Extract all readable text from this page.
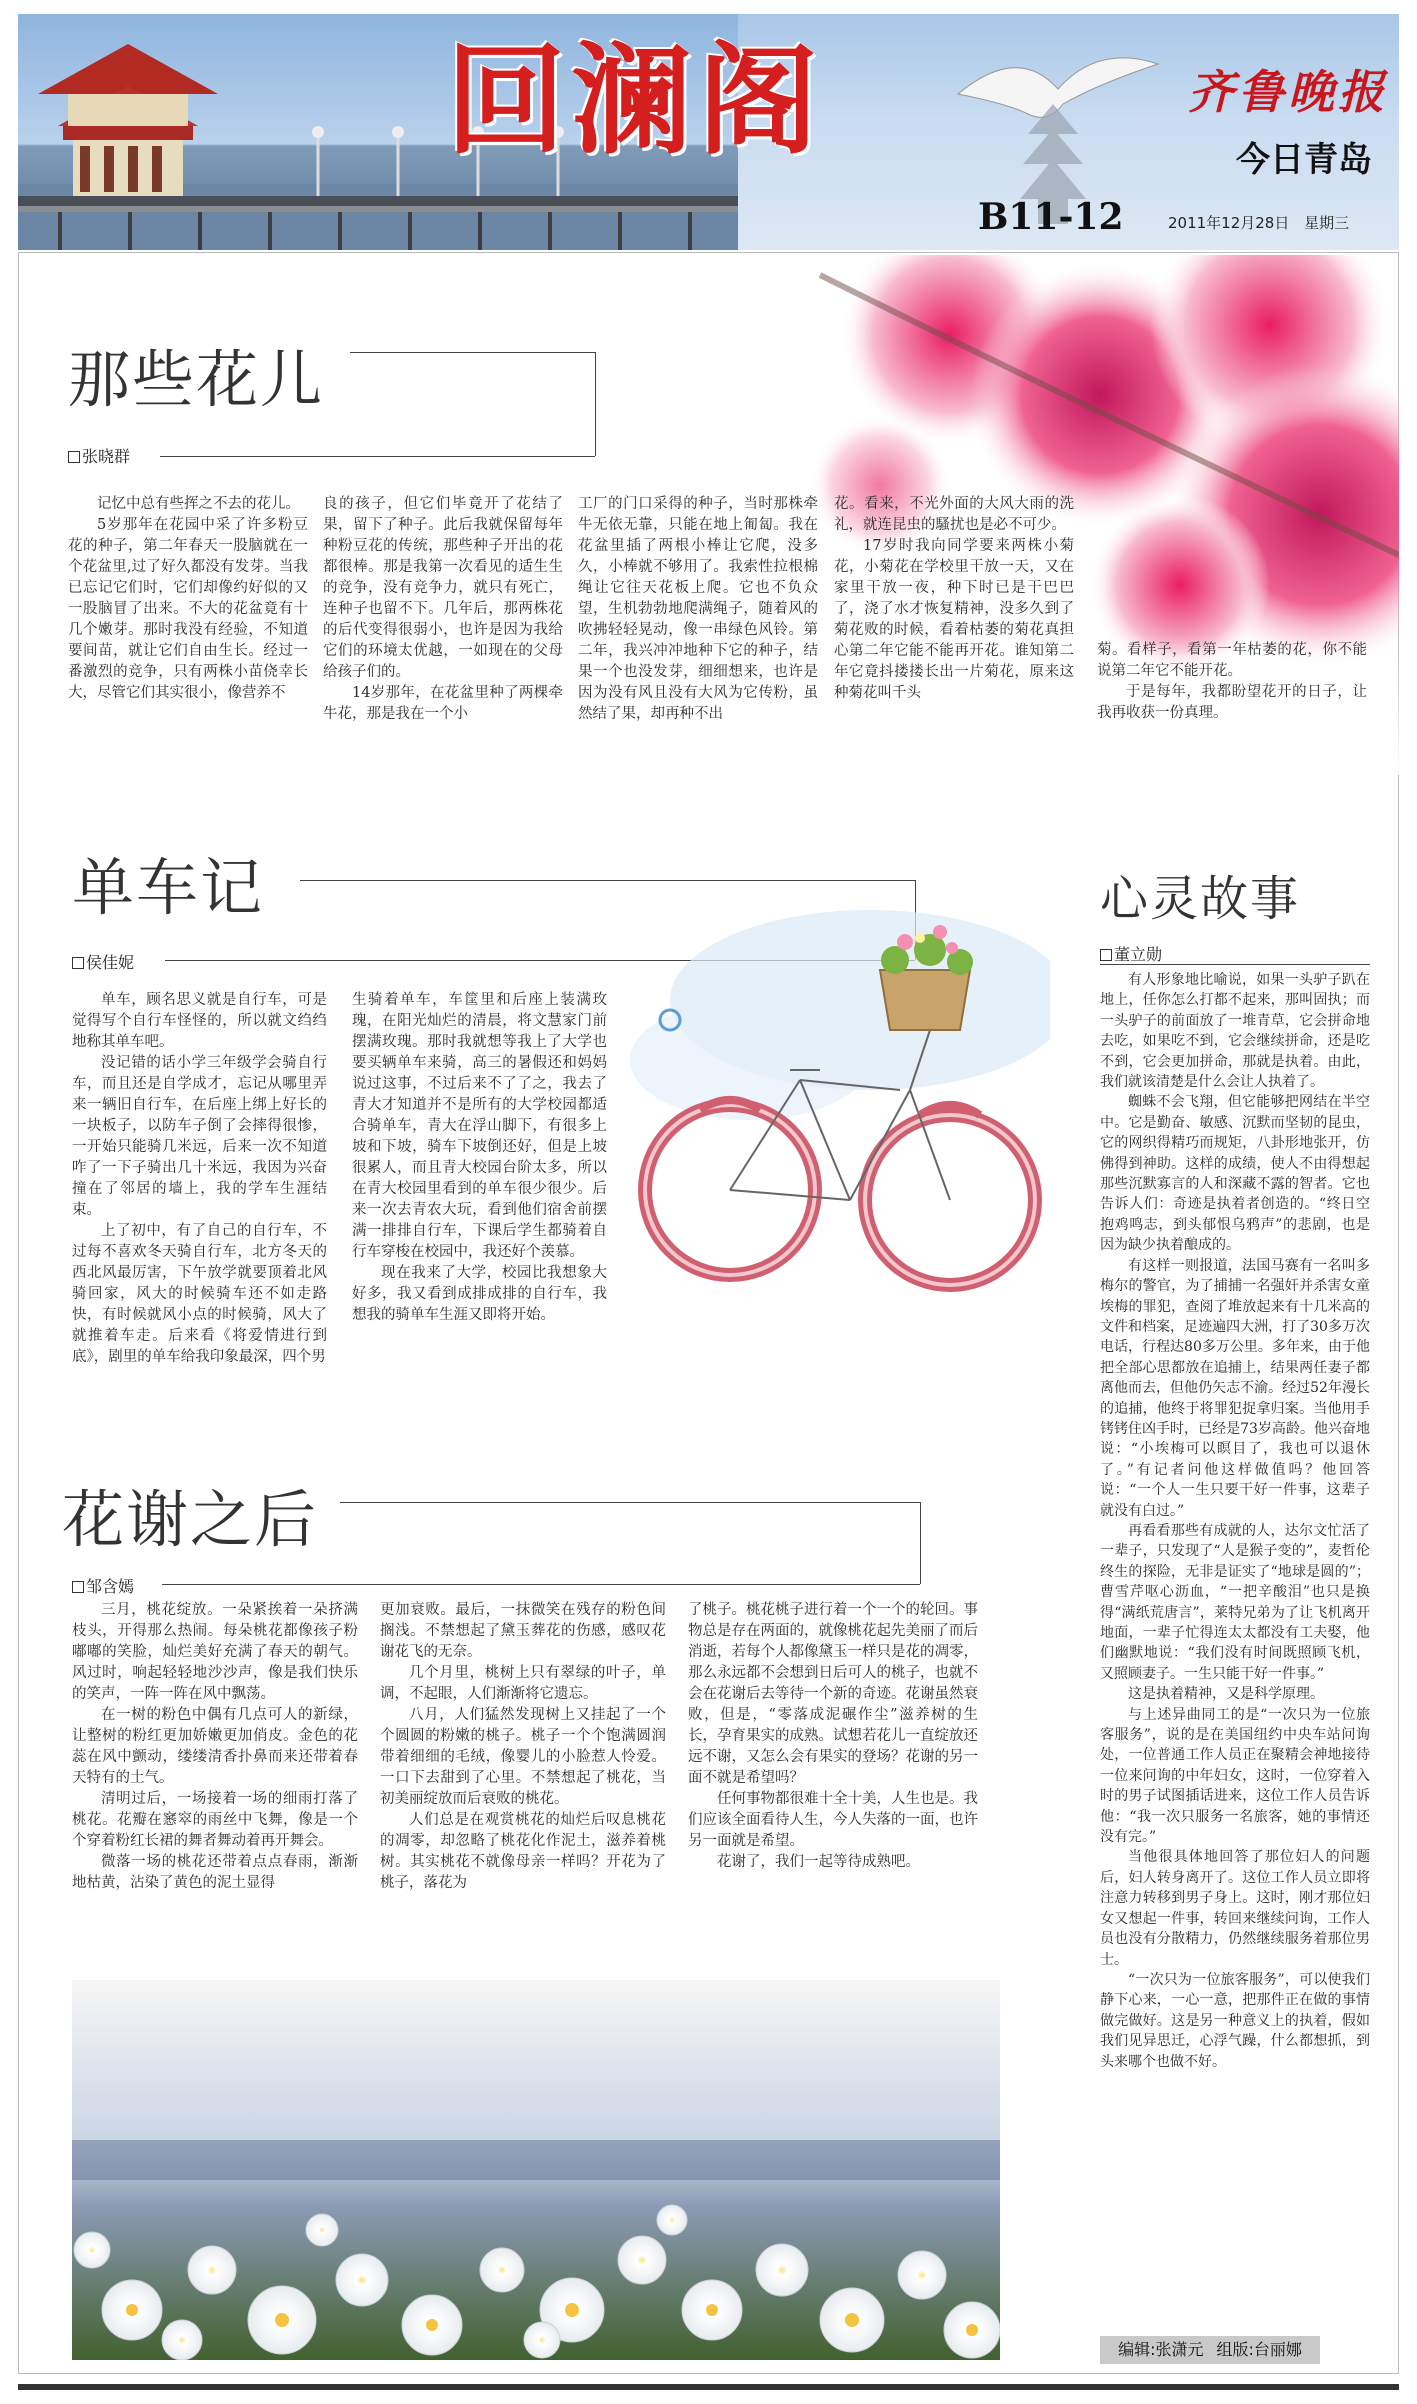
回澜阁	齐鲁晚报
今日青岛
B11-12	2011年12月28日 星期三
那些花儿
张晓群

记忆中总有些挥之不去的花儿。

5岁那年在花园中采了许多粉豆花的种子，第二年春天一股脑就在一个花盆里,过了好久都没有发芽。当我已忘记它们时，它们却像约好似的又一股脑冒了出来。不大的花盆竟有十几个嫩芽。那时我没有经验，不知道要间苗，就让它们自由生长。经过一番激烈的竞争，只有两株小苗侥幸长大，尽管它们其实很小，像营养不

良的孩子，但它们毕竟开了花结了果，留下了种子。此后我就保留每年种粉豆花的传统，那些种子开出的花都很棒。那是我第一次看见的适生生的竞争，没有竞争力，就只有死亡，连种子也留不下。几年后，那两株花的后代变得很弱小，也许是因为我给它们的环境太优越，一如现在的父母给孩子们的。

14岁那年，在花盆里种了两棵牵牛花，那是我在一个小

工厂的门口采得的种子，当时那株牵牛无依无靠，只能在地上匍匐。我在花盆里插了两根小棒让它爬，没多久，小棒就不够用了。我索性拉根棉绳让它往天花板上爬。它也不负众望，生机勃勃地爬满绳子，随着风的吹拂轻轻晃动，像一串绿色风铃。第二年，我兴冲冲地种下它的种子，结果一个也没发芽，细细想来，也许是因为没有风且没有大风为它传粉，虽然结了果，却再种不出

花。看来，不光外面的大风大雨的洗礼，就连昆虫的騷扰也是必不可少。

17岁时我向同学要来两株小菊花，小菊花在学校里干放一天，又在家里干放一夜，种下时已是干巴巴了，浇了水才恢复精神，没多久到了菊花败的时候，看着枯萎的菊花真担心第二年它能不能再开花。谁知第二年它竟抖搂搂长出一片菊花，原来这种菊花叫千头

菊。看样子，看第一年枯萎的花，你不能说第二年它不能开花。

于是每年，我都盼望花开的日子，让我再收获一份真理。

单车记
侯佳妮

单车，顾名思义就是自行车，可是觉得写个自行车怪怪的，所以就文绉绉地称其单车吧。

没记错的话小学三年级学会骑自行车，而且还是自学成才，忘记从哪里弄来一辆旧自行车，在后座上绑上好长的一块板子，以防车子倒了会摔得很惨，一开始只能骑几米远，后来一次不知道咋了一下子骑出几十米远，我因为兴奋撞在了邻居的墙上，我的学车生涯结束。

上了初中，有了自己的自行车，不过每不喜欢冬天骑自行车，北方冬天的西北风最厉害，下午放学就要顶着北风骑回家，风大的时候骑车还不如走路快，有时候就风小点的时候骑，风大了就推着车走。后来看《将爱情进行到底》，剧里的单车给我印象最深，四个男

生骑着单车，车筐里和后座上装满玫瑰，在阳光灿烂的清晨，将文慧家门前摆满玫瑰。那时我就想等我上了大学也要买辆单车来骑，高三的暑假还和妈妈说过这事，不过后来不了了之，我去了青大才知道并不是所有的大学校园都适合骑单车，青大在浮山脚下，有很多上坡和下坡，骑车下坡倒还好，但是上坡很累人，而且青大校园台阶太多，所以在青大校园里看到的单车很少很少。后来一次去青农大玩，看到他们宿舍前摆满一排排自行车，下课后学生都骑着自行车穿梭在校园中，我还好个羡慕。

现在我来了大学，校园比我想象大好多，我又看到成排成排的自行车，我想我的骑单车生涯又即将开始。

花谢之后
邹含嫣

三月，桃花绽放。一朵紧挨着一朵挤满枝头，开得那么热闹。每朵桃花都像孩子粉嘟嘟的笑脸，灿烂美好充满了春天的朝气。风过时，响起轻轻地沙沙声，像是我们快乐的笑声，一阵一阵在风中飘荡。

在一树的粉色中偶有几点可人的新绿，让整树的粉红更加娇嫩更加俏皮。金色的花蕊在风中颤动，缕缕清香扑鼻而来还带着春天特有的土气。

清明过后，一场接着一场的细雨打落了桃花。花瓣在窸窣的雨丝中飞舞，像是一个个穿着粉红长裙的舞者舞动着再开舞会。

微落一场的桃花还带着点点春雨，渐渐地枯黄，沾染了黄色的泥土显得

更加衰败。最后，一抹微笑在残存的粉色间搁浅。不禁想起了黛玉葬花的伤感，感叹花谢花飞的无奈。

几个月里，桃树上只有翠绿的叶子，单调，不起眼，人们渐渐将它遗忘。

八月，人们猛然发现树上又挂起了一个个圆圆的粉嫩的桃子。桃子一个个饱满圆润带着细细的毛绒，像婴儿的小脸惹人怜爱。一口下去甜到了心里。不禁想起了桃花，当初美丽绽放而后衰败的桃花。

人们总是在观赏桃花的灿烂后叹息桃花的凋零，却忽略了桃花化作泥土，滋养着桃树。其实桃花不就像母亲一样吗？开花为了桃子，落花为

了桃子。桃花桃子进行着一个一个的轮回。事物总是存在两面的，就像桃花起先美丽了而后消逝，若每个人都像黛玉一样只是花的凋零，那么永远都不会想到日后可人的桃子，也就不会在花谢后去等待一个新的奇迹。花谢虽然衰败，但是，“零落成泥碾作尘”滋养树的生长，孕育果实的成熟。试想若花儿一直绽放还远不谢，又怎么会有果实的登场？花谢的另一面不就是希望吗？

任何事物都很难十全十美，人生也是。我们应该全面看待人生，今人失落的一面，也许另一面就是希望。

花谢了，我们一起等待成熟吧。

心灵故事
董立勋

有人形象地比喻说，如果一头驴子趴在地上，任你怎么打都不起来，那叫固执；而一头驴子的前面放了一堆青草，它会拼命地去吃，如果吃不到，它会继续拼命，还是吃不到，它会更加拼命，那就是执着。由此，我们就该清楚是什么会让人执着了。

蜘蛛不会飞翔，但它能够把网结在半空中。它是勤奋、敏感、沉默而坚韧的昆虫，它的网织得精巧而规矩，八卦形地张开，仿佛得到神助。这样的成绩，使人不由得想起那些沉默寡言的人和深藏不露的智者。它也告诉人们：奇迹是执着者创造的。“终日空抱鸡鸣志，到头郁恨乌鸦声”的悲剧，也是因为缺少执着酿成的。

有这样一则报道，法国马赛有一名叫多梅尔的警官，为了捕捕一名强奸并杀害女童埃梅的罪犯，查阅了堆放起来有十几米高的文件和档案，足迹遍四大洲，打了30多万次电话，行程达80多万公里。多年来，由于他把全部心思都放在追捕上，结果两任妻子都离他而去，但他仍矢志不渝。经过52年漫长的追捕，他终于将罪犯捉拿归案。当他用手铐铐住凶手时，已经是73岁高龄。他兴奋地说：“小埃梅可以瞑目了，我也可以退休了。”有记者问他这样做值吗？他回答说：“一个人一生只要干好一件事，这辈子就没有白过。”

再看看那些有成就的人，达尔文忙活了一辈子，只发现了“人是猴子变的”，麦哲伦终生的探险，无非是证实了“地球是圆的”；曹雪芹呕心沥血，“一把辛酸泪”也只是换得“满纸荒唐言”，莱特兄弟为了让飞机离开地面，一辈子忙得连太太都没有工夫娶，他们幽默地说：“我们没有时间既照顾飞机，又照顾妻子。一生只能干好一件事。”

这是执着精神，又是科学原理。

与上述异曲同工的是“一次只为一位旅客服务”，说的是在美国纽约中央车站问询处，一位普通工作人员正在聚精会神地接待一位来问询的中年妇女，这时，一位穿着入时的男子试图插话进来，这位工作人员告诉他：“我一次只服务一名旅客，她的事情还没有完。”

当他很具体地回答了那位妇人的问题后，妇人转身离开了。这位工作人员立即将注意力转移到男子身上。这时，刚才那位妇女又想起一件事，转回来继续问询，工作人员也没有分散精力，仍然继续服务着那位男士。

“一次只为一位旅客服务”，可以使我们静下心来，一心一意，把那件正在做的事情做完做好。这是另一种意义上的执着，假如我们见异思迁，心浮气躁，什么都想抓，到头来哪个也做不好。

编辑:张潇元 组版:台丽娜
